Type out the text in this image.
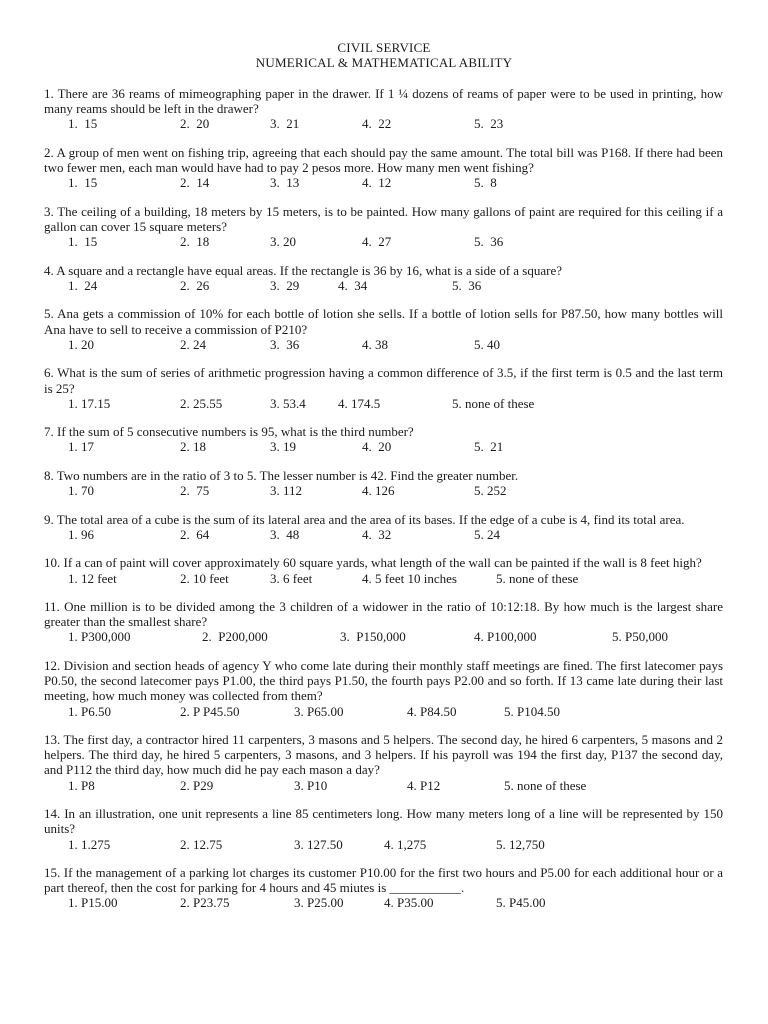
CIVIL SERVICE
NUMERICAL & MATHEMATICAL ABILITY
1. There are 36 reams of mimeographing paper in the drawer. If 1 ¼ dozens of reams of paper were to be used in printing, how many reams should be left in the drawer?
1.  15	2.  20	3.  21	4.  22	5.  23
2. A group of men went on fishing trip, agreeing that each should pay the same amount. The total bill was P168. If there had been two fewer men, each man would have had to pay 2 pesos more. How many men went fishing?
1.  15	2.  14	3.  13	4.  12	5.  8
3. The ceiling of a building, 18 meters by 15 meters, is to be painted. How many gallons of paint are required for this ceiling if a gallon can cover 15 square meters?
1.  15	2.  18	3. 20	4.  27	5.  36
4. A square and a rectangle have equal areas. If the rectangle is 36 by 16, what is a side of a square?
1.  24	2.  26	3.  29	4.  34	5.  36
5. Ana gets a commission of 10% for each bottle of lotion she sells. If a bottle of lotion sells for P87.50, how many bottles will Ana have to sell to receive a commission of P210?
1. 20	2. 24	3.  36	4. 38	5. 40
6. What is the sum of series of arithmetic progression having a common difference of 3.5, if the first term is 0.5 and the last term is 25?
1. 17.15	2. 25.55	3. 53.4 4. 174.5	5. none of these
7. If the sum of 5 consecutive numbers is 95, what is the third number?
1. 17	2. 18	3. 19	4.  20	5.  21
8. Two numbers are in the ratio of 3 to 5. The lesser number is 42. Find the greater number.
1. 70	2.  75	3. 112	4. 126	5. 252
9. The total area of a cube is the sum of its lateral area and the area of its bases. If the edge of a cube is 4, find its total area.
1. 96	2.  64	3.  48	4.  32	5. 24
10. If a can of paint will cover approximately 60 square yards, what length of the wall can be painted if the wall is 8 feet high?
1. 12 feet	2. 10 feet	3. 6 feet	4. 5 feet 10 inches	5. none of these
11. One million is to be divided among the 3 children of a widower in the ratio of 10:12:18. By how much is the largest share greater than the smallest share?
1. P300,000	2.  P200,000	3.  P150,000	4. P100,000	5. P50,000
12. Division and section heads of agency Y who come late during their monthly staff meetings are fined. The first latecomer pays P0.50, the second latecomer pays P1.00, the third pays P1.50, the fourth pays P2.00 and so forth. If 13 came late during their last meeting, how much money was collected from them?
1. P6.50	2. P P45.50	3. P65.00	4. P84.50	5. P104.50
13. The first day, a contractor hired 11 carpenters, 3 masons and 5 helpers. The second day, he hired 6 carpenters, 5 masons and 2 helpers. The third day, he hired 5 carpenters, 3 masons, and 3 helpers. If his payroll was 194 the first day, P137 the second day, and P112 the third day, how much did he pay each mason a day?
1. P8	2. P29	3. P10	4. P12	5. none of these
14. In an illustration, one unit represents a line 85 centimeters long. How many meters long of a line will be represented by 150 units?
1. 1.275	2. 12.75	3. 127.50	4. 1,275	5. 12,750
15. If the management of a parking lot charges its customer P10.00 for the first two hours and P5.00 for each additional hour or a part thereof, then the cost for parking for 4 hours and 45 miutes is ___________.
1. P15.00	2. P23.75	3. P25.00	4. P35.00	5. P45.00
